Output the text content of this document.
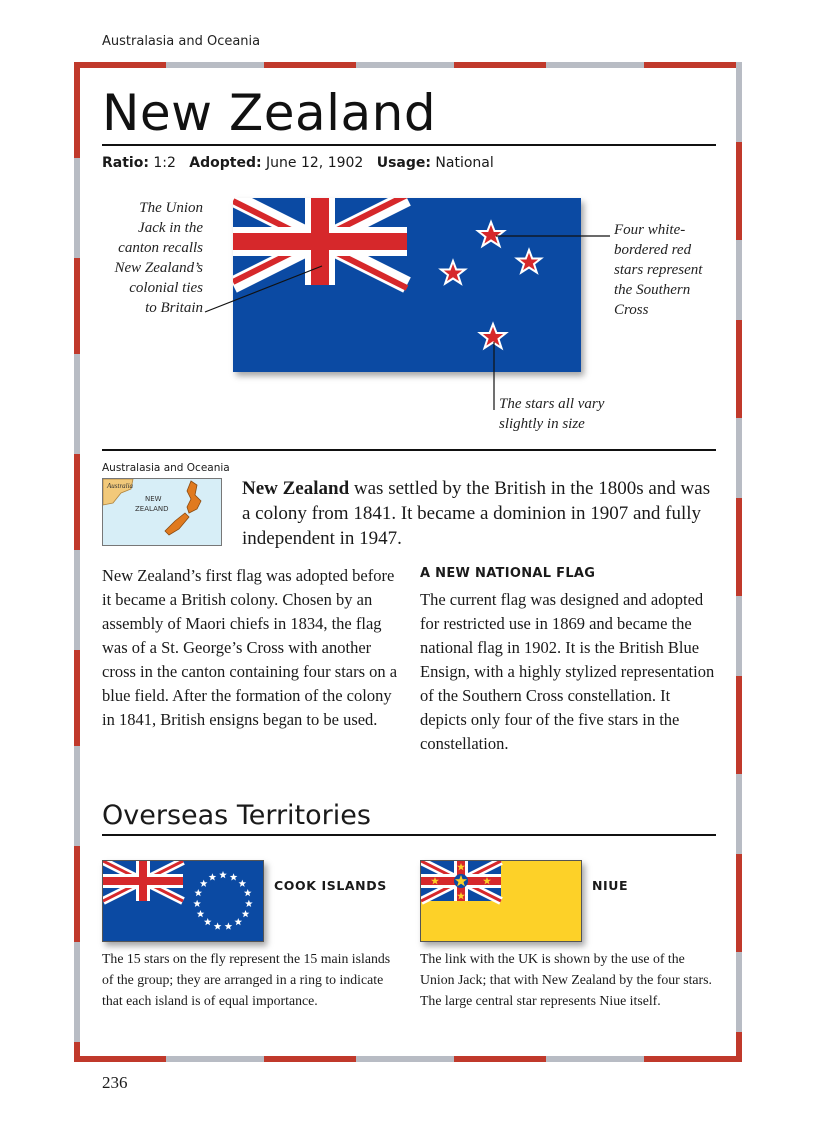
Australasia and Oceania
New Zealand
Ratio: 1:2 Adopted: June 12, 1902 Usage: National
The Union
Jack in the
canton recalls
New Zealand’s
colonial ties
to Britain
Four white-
bordered red
stars represent
the Southern
Cross
The stars all vary
slightly in size
Australasia and Oceania
Australia
NEW
ZEALAND
New Zealand was settled by the British in the 1800s and was a colony from 1841. It became a dominion in 1907 and fully independent in 1947.
New Zealand’s first flag was adopted before it became a British colony. Chosen by an assembly of Maori chiefs in 1834, the flag was of a St. George’s Cross with another cross in the canton containing four stars on a blue field. After the formation of the colony in 1841, British ensigns began to be used.
A NEW NATIONAL FLAG
The current flag was designed and adopted for restricted use in 1869 and became the national flag in 1902. It is the British Blue Ensign, with a highly stylized representation of the Southern Cross constellation. It depicts only four of the five stars in the constellation.
Overseas Territories
COOK ISLANDS
The 15 stars on the fly represent the 15 main islands of the group; they are arranged in a ring to indicate that each island is of equal importance.
NIUE
The link with the UK is shown by the use of the Union Jack; that with New Zealand by the four stars. The large central star represents Niue itself.
236
